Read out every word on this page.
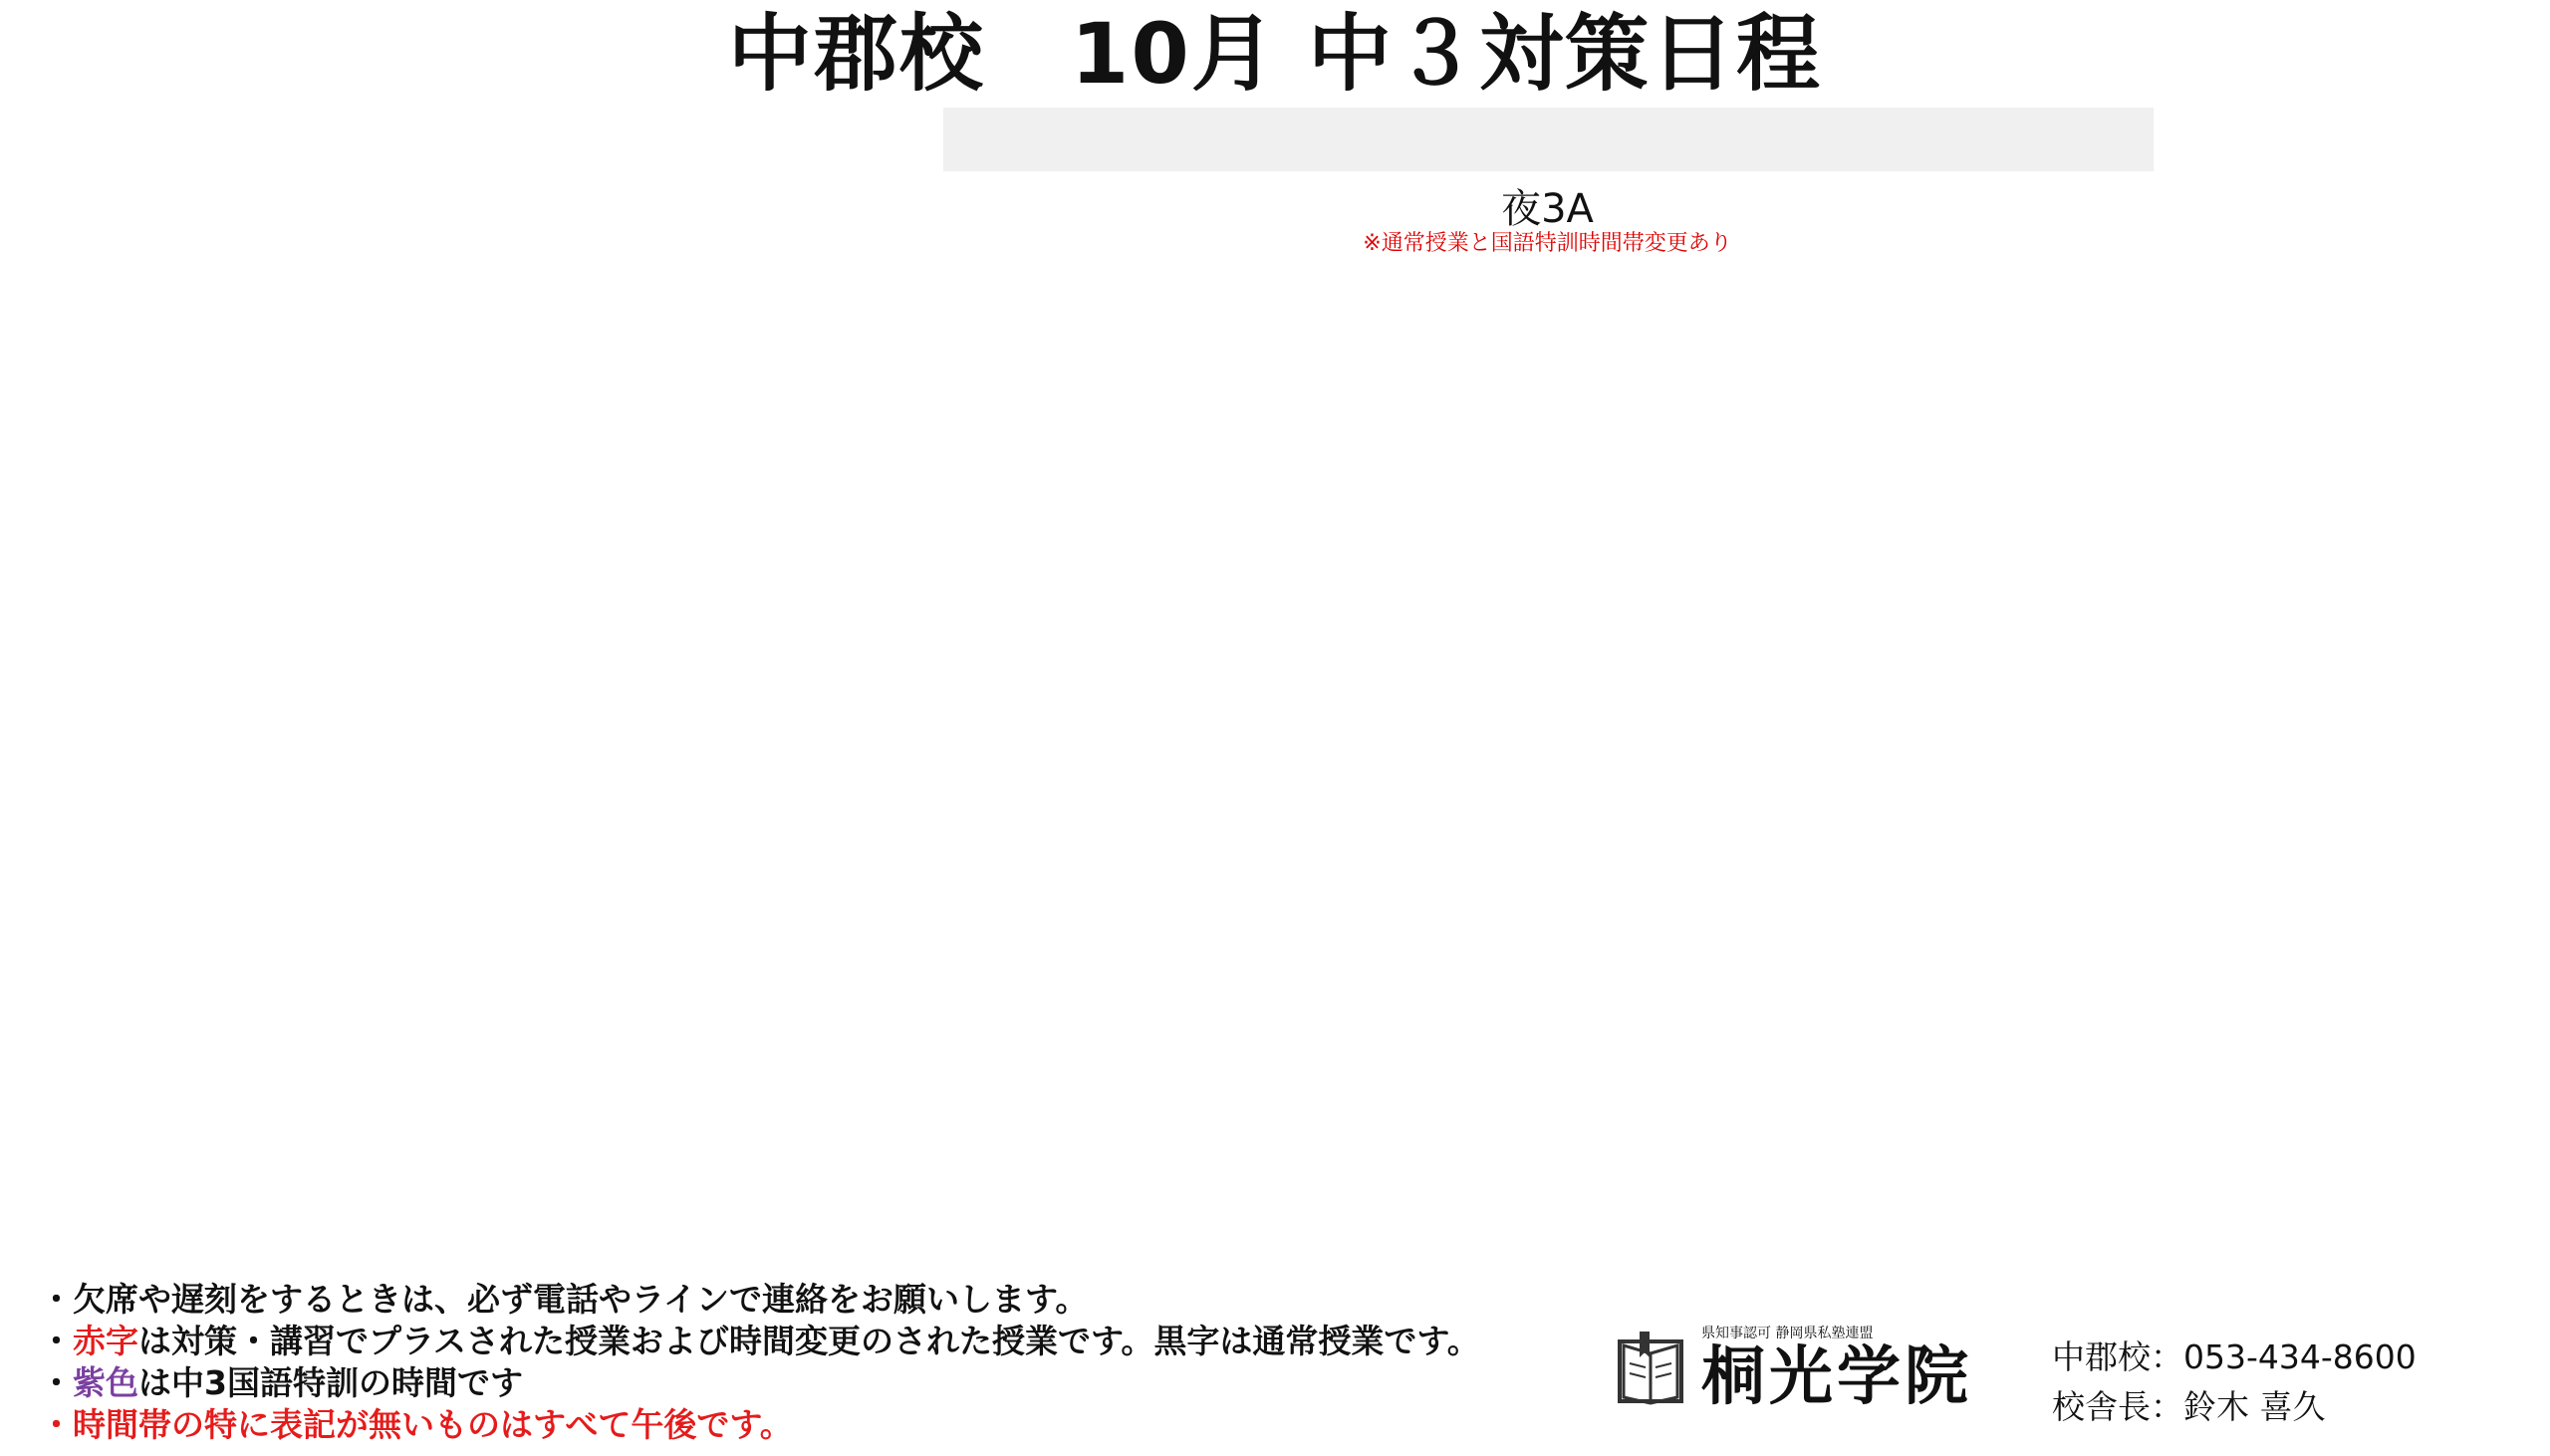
中郡校　10月 中３対策日程
夜3A
※通常授業と国語特訓時間帯変更あり
・欠席や遅刻をするときは、必ず電話やラインで連絡をお願いします。
・赤字は対策・講習でプラスされた授業および時間変更のされた授業です。黒字は通常授業です。
・紫色は中3国語特訓の時間です
・時間帯の特に表記が無いものはすべて午後です。
県知事認可 静岡県私塾連盟
桐光学院 中郡校：053-434-8600
校舎長：鈴木 喜久
